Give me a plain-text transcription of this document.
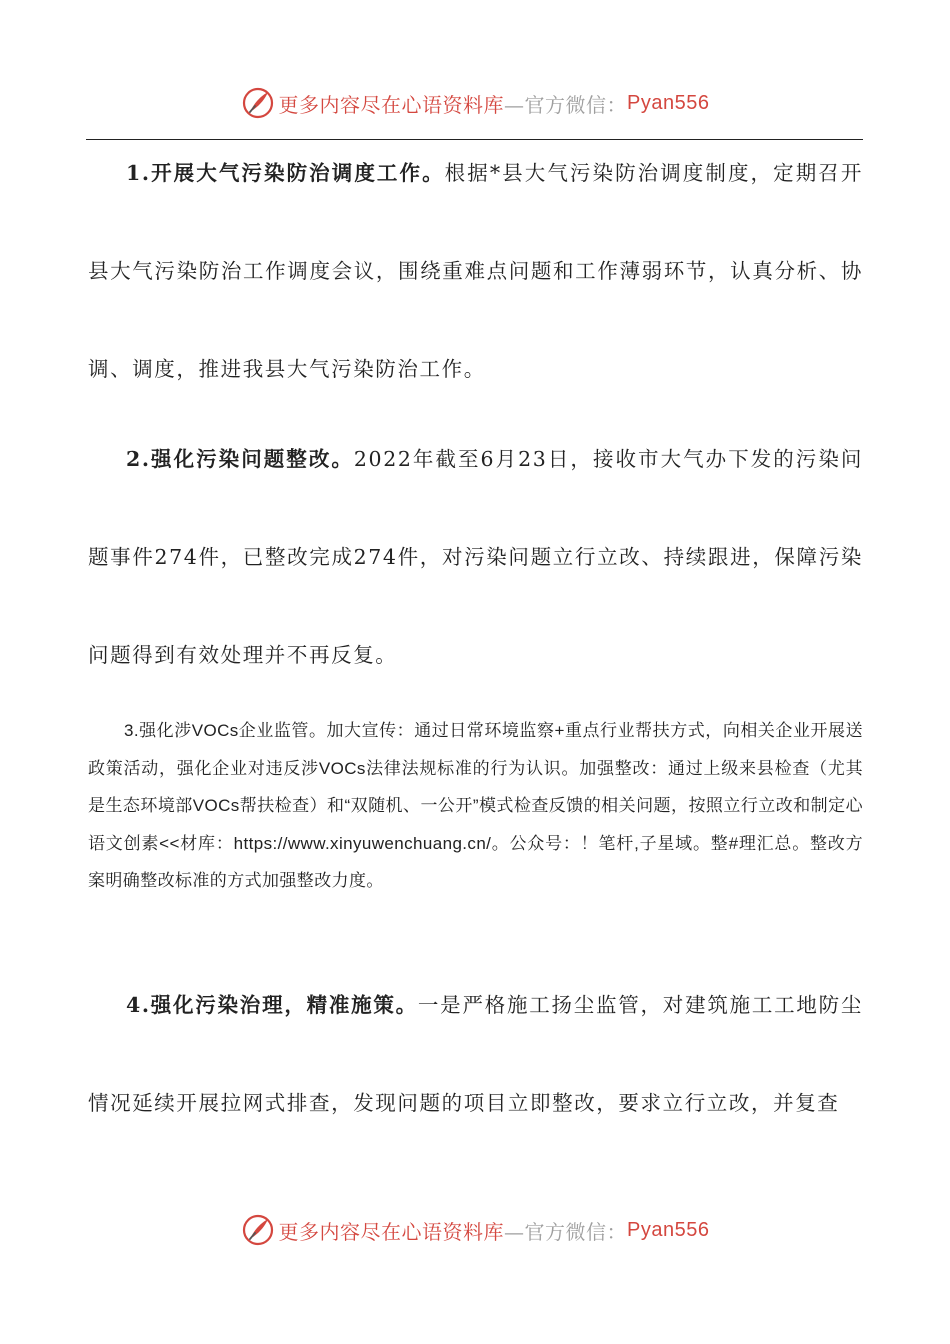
更多内容尽在心语资料库 —官方微信： Pyan556

1.开展大气污染防治调度工作。根据*县大气污染防治调度制度，定期召开县大气污染防治工作调度会议，围绕重难点问题和工作薄弱环节，认真分析、协调、调度，推进我县大气污染防治工作。

2.强化污染问题整改。2022年截至6月23日，接收市大气办下发的污染问题事件274件，已整改完成274件，对污染问题立行立改、持续跟进，保障污染问题得到有效处理并不再反复。

3.强化涉VOCs企业监管。加大宣传：通过日常环境监察+重点行业帮扶方式，向相关企业开展送政策活动，强化企业对违反涉VOCs法律法规标准的行为认识。加强整改：通过上级来县检查（尤其是生态环境部VOCs帮扶检查）和“双随机、一公开”模式检查反馈的相关问题，按照立行立改和制定心语文创素<<材库：https://www.xinyuwenchuang.cn/。公众号：！笔杆,子星域。整#理汇总。整改方案明确整改标准的方式加强整改力度。

4.强化污染治理，精准施策。一是严格施工扬尘监管，对建筑施工工地防尘情况延续开展拉网式排查，发现问题的项目立即整改，要求立行立改，并复查

更多内容尽在心语资料库 —官方微信： Pyan556
